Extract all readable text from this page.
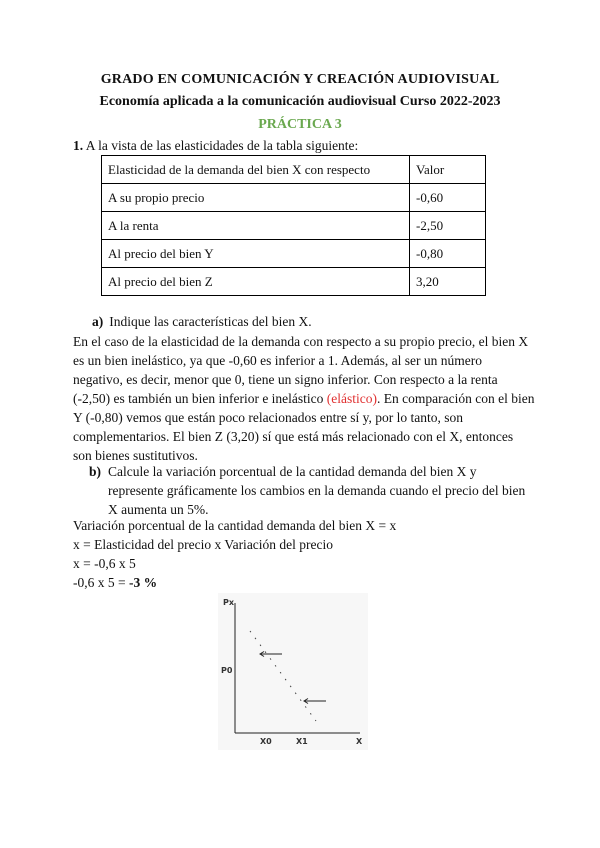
GRADO EN COMUNICACIÓN Y CREACIÓN AUDIOVISUAL
Economía aplicada a la comunicación audiovisual Curso 2022-2023
PRÁCTICA 3
1. A la vista de las elasticidades de la tabla siguiente:
Elasticidad de la demanda del bien X con respecto	Valor
A su propio precio	-0,60
A la renta	-2,50
Al precio del bien Y	-0,80
Al precio del bien Z	3,20
a) Indique las características del bien X.
En el caso de la elasticidad de la demanda con respecto a su propio precio, el bien X es un bien inelástico, ya que -0,60 es inferior a 1. Además, al ser un número negativo, es decir, menor que 0, tiene un signo inferior. Con respecto a la renta (-2,50) es también un bien inferior e inelástico (elástico). En comparación con el bien Y (-0,80) vemos que están poco relacionados entre sí y, por lo tanto, son complementarios. El bien Z (3,20) sí que está más relacionado con el X, entonces son bienes sustitutivos.
b) Calcule la variación porcentual de la cantidad demanda del bien X y represente gráficamente los cambios en la demanda cuando el precio del bien X aumenta un 5%.
Variación porcentual de la cantidad demanda del bien X = x
x = Elasticidad del precio x Variación del precio
x = -0,6 x 5
-0,6 x 5 = -3 %
Px
P0
X0	X1	X
